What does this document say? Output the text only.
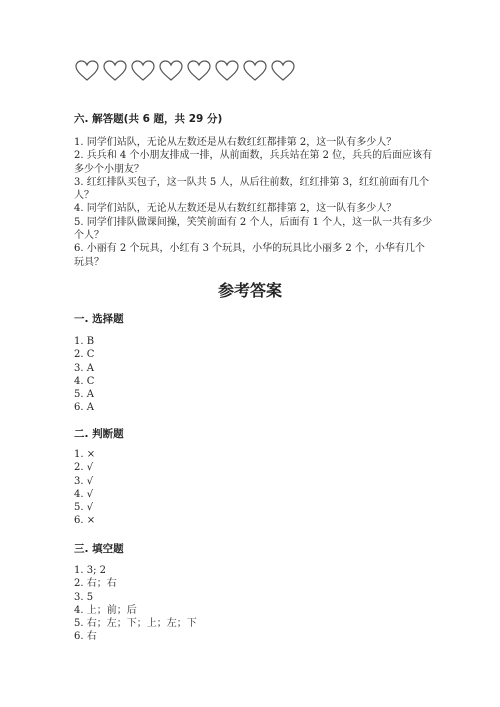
六. 解答题(共 6 题，共 29 分)

1. 同学们站队，无论从左数还是从右数红红都排第 2，这一队有多少人？

2. 兵兵和 4 个小朋友排成一排，从前面数，兵兵站在第 2 位，兵兵的后面应该有多少个小朋友？

3. 红红排队买包子，这一队共 5 人，从后往前数，红红排第 3，红红前面有几个人？

4. 同学们站队，无论从左数还是从右数红红都排第 2，这一队有多少人？

5. 同学们排队做课间操，笑笑前面有 2 个人，后面有 1 个人，这一队一共有多少个人？

6. 小丽有 2 个玩具，小红有 3 个玩具，小华的玩具比小丽多 2 个，小华有几个玩具？

参考答案
一. 选择题

1. B

2. C

3. A

4. C

5. A

6. A

二. 判断题

1. ×

2. √

3. √

4. √

5. √

6. ×

三. 填空题

1. 3; 2

2. 右；右

3. 5

4. 上；前；后

5. 右；左；下；上；左；下

6. 右
